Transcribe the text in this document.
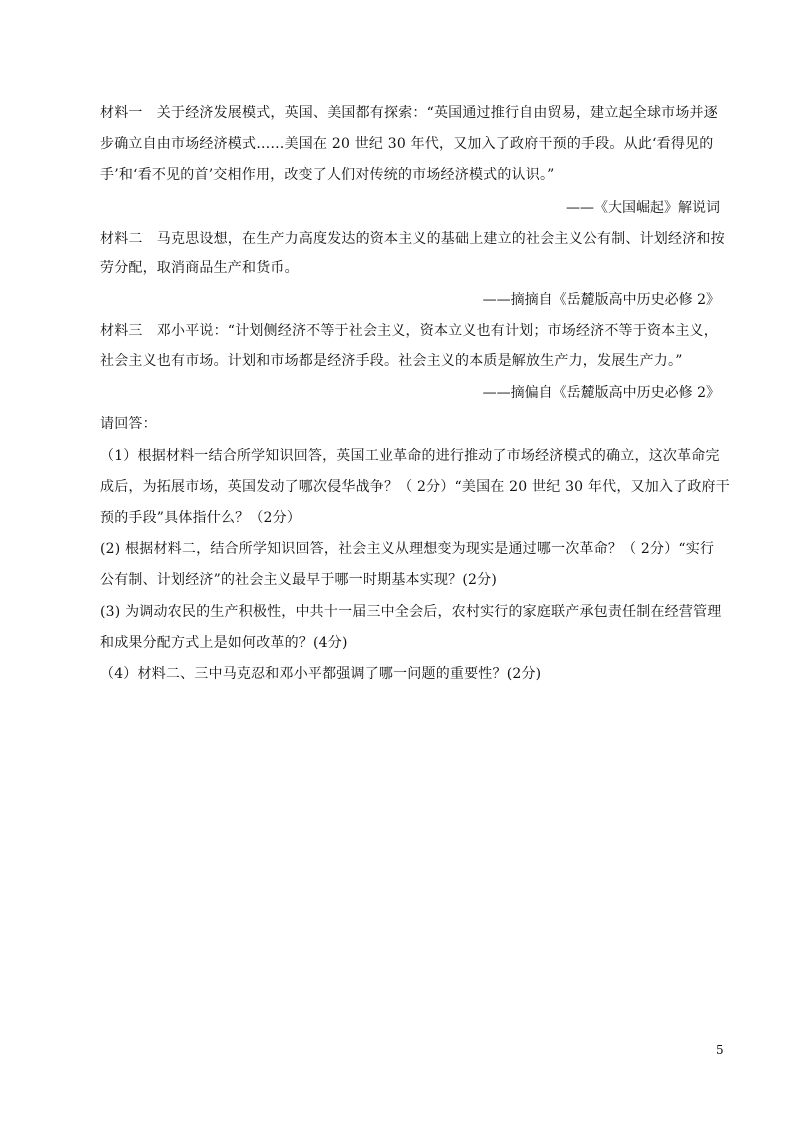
材料一　关于经济发展模式，英国、美国都有探索：“英国通过推行自由贸易，建立起全球市场并逐
步确立自由市场经济模式……美国在 20 世纪 30 年代，又加入了政府干预的手段。从此‘看得见的
手’和‘看不见的首’交相作用，改变了人们对传统的市场经济模式的认识。”
——《大国崛起》解说词
材料二　马克思设想，在生产力高度发达的资本主义的基础上建立的社会主义公有制、计划经济和按
劳分配，取消商品生产和货币。
——摘摘自《岳麓版高中历史必修 2》
材料三　邓小平说：“计划侧经济不等于社会主义，资本立义也有计划；市场经济不等于资本主义，
社会主义也有市场。计划和市场都是经济手段。社会主义的本质是解放生产力，发展生产力。”
——摘偏自《岳麓版高中历史必修 2》
请回答：
（1）根据材料一结合所学知识回答，英国工业革命的进行推动了市场经济模式的确立，这次革命完
成后，为拓展市场，英国发动了哪次侵华战争？（ 2分）“美国在 20 世纪 30 年代，又加入了政府干
预的手段”具体指什么？（2分）
(2) 根据材料二，结合所学知识回答，社会主义从理想变为现实是通过哪一次革命？（ 2分）“实行
公有制、计划经济”的社会主义最早于哪一时期基本实现？(2分)
(3) 为调动农民的生产积极性，中共十一届三中全会后，农村实行的家庭联产承包责任制在经营管理
和成果分配方式上是如何改革的？(4分)
（4）材料二、三中马克忍和邓小平都强调了哪一问题的重要性？(2分)
5
